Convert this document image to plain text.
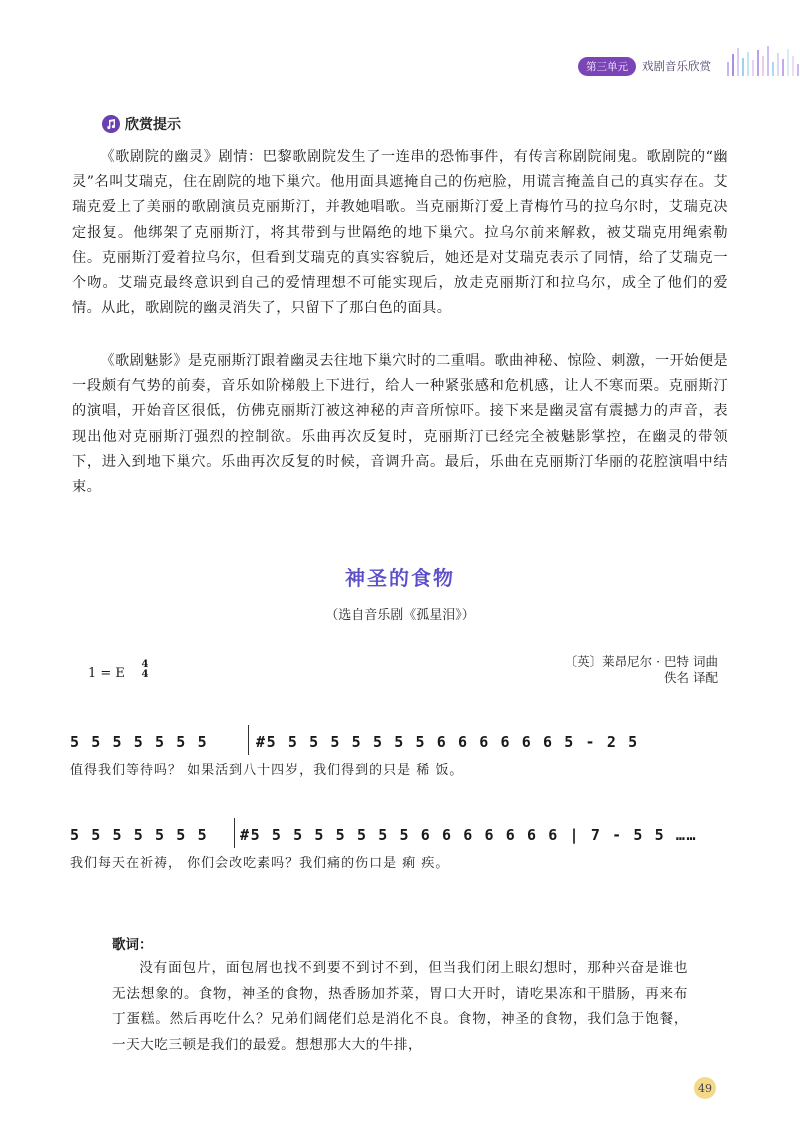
第三单元	戏剧音乐欣赏
欣赏提示

《歌剧院的幽灵》剧情：巴黎歌剧院发生了一连串的恐怖事件，有传言称剧院闹鬼。歌剧院的“幽灵”名叫艾瑞克，住在剧院的地下巢穴。他用面具遮掩自己的伤疤脸，用谎言掩盖自己的真实存在。艾瑞克爱上了美丽的歌剧演员克丽斯汀，并教她唱歌。当克丽斯汀爱上青梅竹马的拉乌尔时，艾瑞克决定报复。他绑架了克丽斯汀，将其带到与世隔绝的地下巢穴。拉乌尔前来解救，被艾瑞克用绳索勒住。克丽斯汀爱着拉乌尔，但看到艾瑞克的真实容貌后，她还是对艾瑞克表示了同情，给了艾瑞克一个吻。艾瑞克最终意识到自己的爱情理想不可能实现后，放走克丽斯汀和拉乌尔，成全了他们的爱情。从此，歌剧院的幽灵消失了，只留下了那白色的面具。

《歌剧魅影》是克丽斯汀跟着幽灵去往地下巢穴时的二重唱。歌曲神秘、惊险、刺激，一开始便是一段颇有气势的前奏，音乐如阶梯般上下进行，给人一种紧张感和危机感，让人不寒而栗。克丽斯汀的演唱，开始音区很低，仿佛克丽斯汀被这神秘的声音所惊吓。接下来是幽灵富有震撼力的声音，表现出他对克丽斯汀强烈的控制欲。乐曲再次反复时，克丽斯汀已经完全被魅影掌控，在幽灵的带领下，进入到地下巢穴。乐曲再次反复的时候，音调升高。最后，乐曲在克丽斯汀华丽的花腔演唱中结束。

神圣的食物
（选自音乐剧《孤星泪》）
〔英〕莱昂尼尔 · 巴特 词曲
佚名 译配
1 = E
4
4
5 5 5 5 5 5 5	#5 5 5 5 5 5 5 5 6 6 6 6 6 6 5 - 2 5
值得我们等待吗？ 如果活到八十四岁，我们得到的只是 稀 饭。
5 5 5 5 5 5 5 #5 5 5 5 5 5 5 5 6 6 6 6 6 6 6 | 7 - 5 5 ……
我们每天在祈祷， 你们会改吃素吗？我们痛的伤口是 痢 疾。
歌词：

没有面包片，面包屑也找不到要不到讨不到，但当我们闭上眼幻想时，那种兴奋是谁也无法想象的。食物，神圣的食物，热香肠加芥菜，胃口大开时，请吃果冻和干腊肠，再来布丁蛋糕。然后再吃什么？兄弟们阔佬们总是消化不良。食物，神圣的食物，我们急于饱餐，一天大吃三顿是我们的最爱。想想那大大的牛排，

49
